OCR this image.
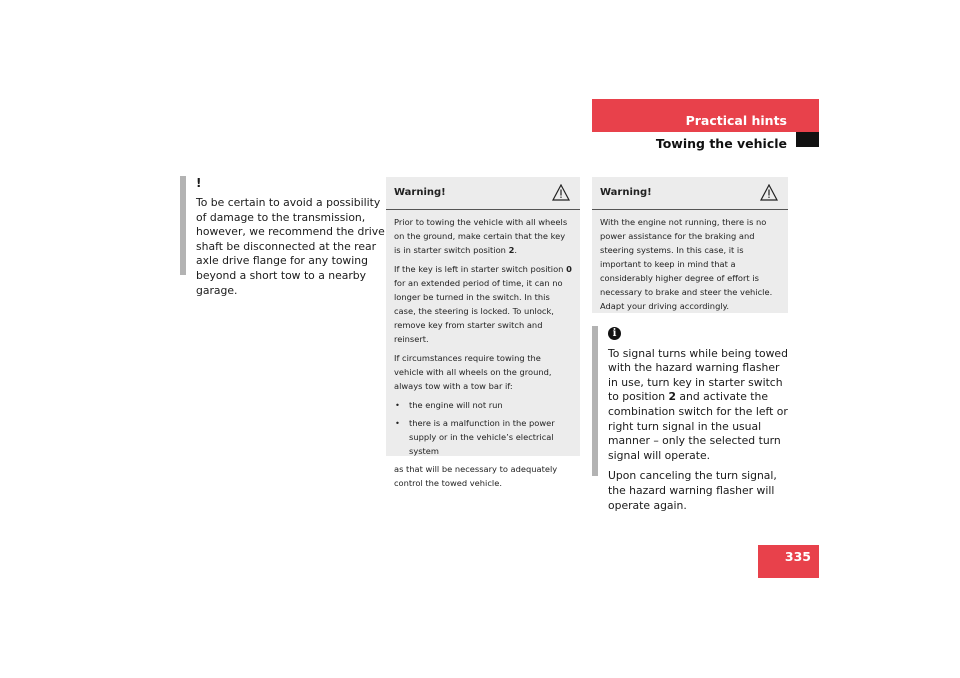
Practical hints
Towing the vehicle

!

To be certain to avoid a possibility of damage to the transmission, however, we recommend the drive shaft be disconnected at the rear axle drive flange for any towing beyond a short tow to a nearby garage.

Warning!

Prior to towing the vehicle with all wheels on the ground, make certain that the key is in starter switch position 2.

If the key is left in starter switch position 0 for an extended period of time, it can no longer be turned in the switch. In this case, the steering is locked. To unlock, remove key from starter switch and reinsert.

If circumstances require towing the vehicle with all wheels on the ground, always tow with a tow bar if:

• the engine will not run
• there is a malfunction in the power supply or in the vehicle’s electrical system

as that will be necessary to adequately control the towed vehicle.

Warning!

With the engine not running, there is no power assistance for the braking and steering systems. In this case, it is important to keep in mind that a considerably higher degree of effort is necessary to brake and steer the vehicle. Adapt your driving accordingly.

i

To signal turns while being towed with the hazard warning flasher in use, turn key in starter switch to position 2 and activate the combination switch for the left or right turn signal in the usual manner – only the selected turn signal will operate.

Upon canceling the turn signal, the hazard warning flasher will operate again.

335
